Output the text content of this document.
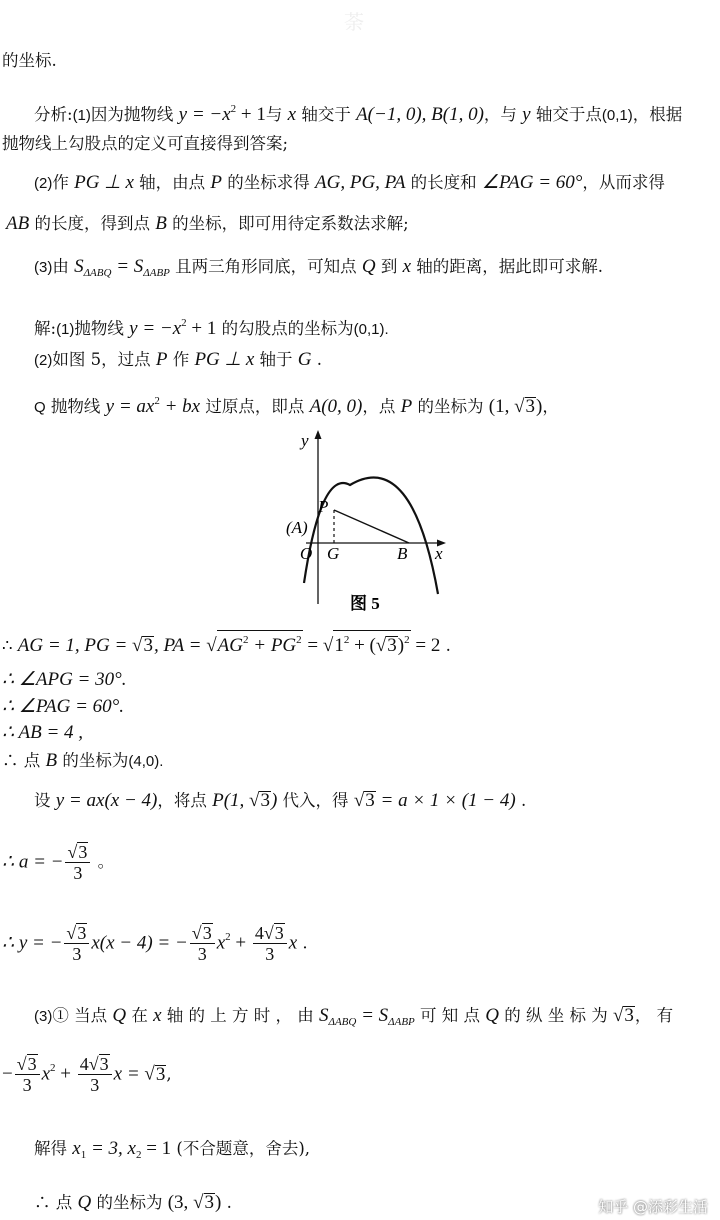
荼
的坐标.
分析:(1)因为抛物线 $y = -x^2 + 1$与 x 轴交于 A(−1, 0), B(1, 0)，与 y 轴交于点(0,1)，根据
抛物线上勾股点的定义可直接得到答案;
(2)作 PG ⊥ x 轴，由点 P 的坐标求得 AG, PG, PA 的长度和 ∠PAG = 60°，从而求得
AB 的长度，得到点 B 的坐标，即可用待定系数法求解;
(3)由 $S_{\Delta ABQ} = S_{\Delta ABP}$ 且两三角形同底，可知点 Q 到 x 轴的距离，据此即可求解.
解:(1)抛物线 $y = -x^2 + 1$ 的勾股点的坐标为(0,1).
(2)如图 5，过点 P 作 PG ⊥ x 轴于 G .
Q 抛物线 $y = ax^2$ + bx 过原点，即点 A(0, 0)，点 P 的坐标为 (1, √3)，
y
x
P
(A)
O G	B
图 5
∴ AG = 1, PG = √3, PA = $√AG^2 + PG^2 = √1^2 + (√3)^2 = 2$ .
∴ ∠APG = 30°.
∴ ∠PAG = 60°.
∴ AB = 4 ,
∴ 点 B 的坐标为(4,0).
设 y = ax(x − 4)，将点 P(1, √3) 代入，得 √3 = a × 1 × (1 − 4) .
∴ a = − $\frac{√3}{3}$ 。
∴ y = − $\frac{√3}{3} x(x - 4)$ = − $\frac{√3}{3} x^2 + \frac{4√3}{3}$ x .
(3)① 当点 Q 在 x 轴 的 上 方 时 ， 由 $S_{\Delta ABQ} = S_{\Delta ABP}$ 可 知 点 Q 的 纵 坐 标 为 √3， 有
− $\frac{√3}{3} x^2 + \frac{4√3}{3}$ x = √3,
解得 $x_1 = 3$, $x_2 = 1$ (不合题意，舍去),
∴ 点 Q 的坐标为 (3, √3) .	知乎 @添彩生活
